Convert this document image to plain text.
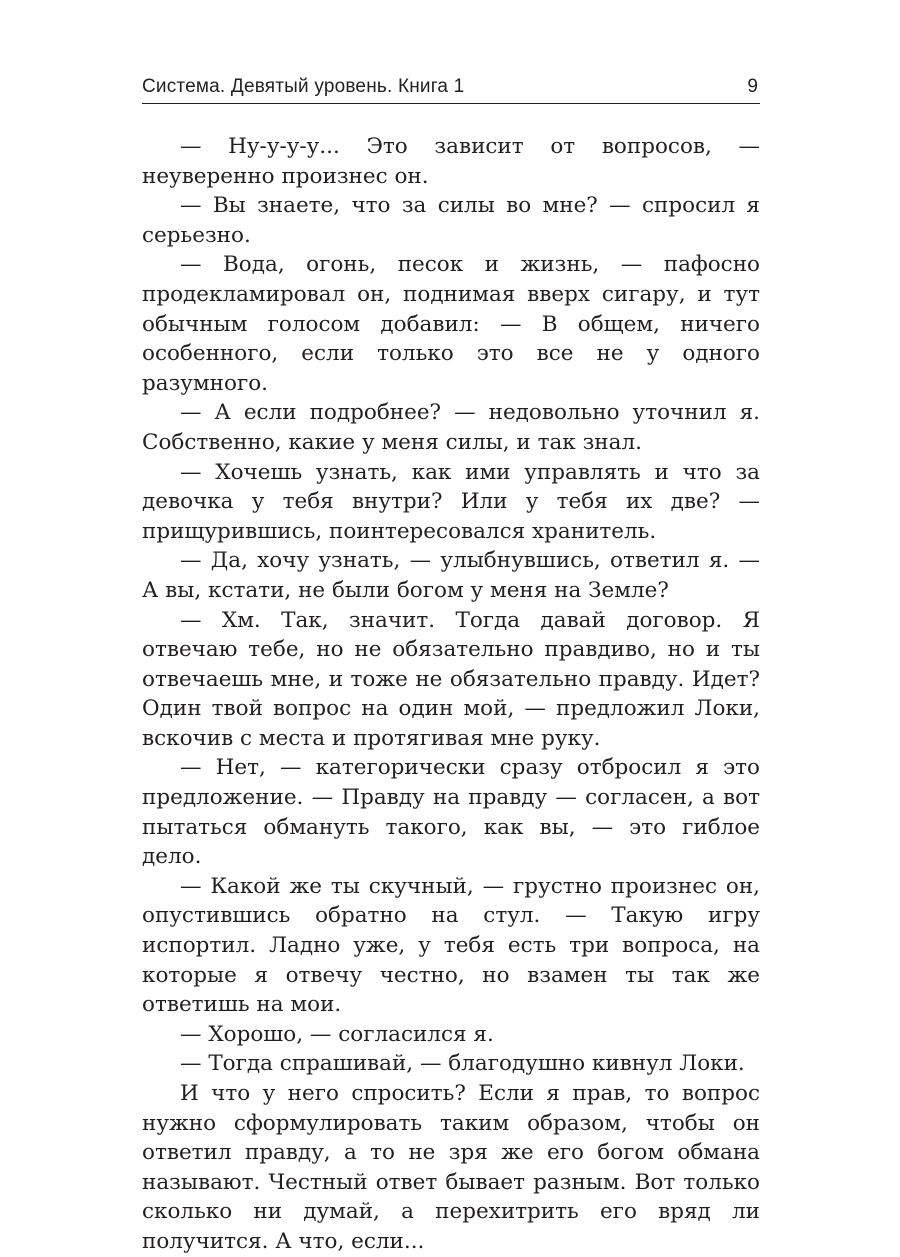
Система. Девятый уровень. Книга 1	9

— Ну-у-у-у... Это зависит от вопросов, — неуверенно произнес он.

— Вы знаете, что за силы во мне? — спросил я серьезно.

— Вода, огонь, песок и жизнь, — пафосно продекламировал он, поднимая вверх сигару, и тут обычным голосом добавил: — В общем, ничего особенного, если только это все не у одного разумного.

— А если подробнее? — недовольно уточнил я. Собственно, какие у меня силы, и так знал.

— Хочешь узнать, как ими управлять и что за девочка у тебя внутри? Или у тебя их две? — прищурившись, поинтересовался хранитель.

— Да, хочу узнать, — улыбнувшись, ответил я. — А вы, кстати, не были богом у меня на Земле?

— Хм. Так, значит. Тогда давай договор. Я отвечаю тебе, но не обязательно правдиво, но и ты отвечаешь мне, и тоже не обязательно правду. Идет? Один твой вопрос на один мой, — предложил Локи, вскочив с места и протягивая мне руку.

— Нет, — категорически сразу отбросил я это предложение. — Правду на правду — согласен, а вот пытаться обмануть такого, как вы, — это гиблое дело.

— Какой же ты скучный, — грустно произнес он, опустившись обратно на стул. — Такую игру испортил. Ладно уже, у тебя есть три вопроса, на которые я отвечу честно, но взамен ты так же ответишь на мои.

— Хорошо, — согласился я.

— Тогда спрашивай, — благодушно кивнул Локи.

И что у него спросить? Если я прав, то вопрос нужно сформулировать таким образом, чтобы он ответил правду, а то не зря же его богом обмана называют. Честный ответ бывает разным. Вот только сколько ни думай, а перехитрить его вряд ли получится. А что, если...
